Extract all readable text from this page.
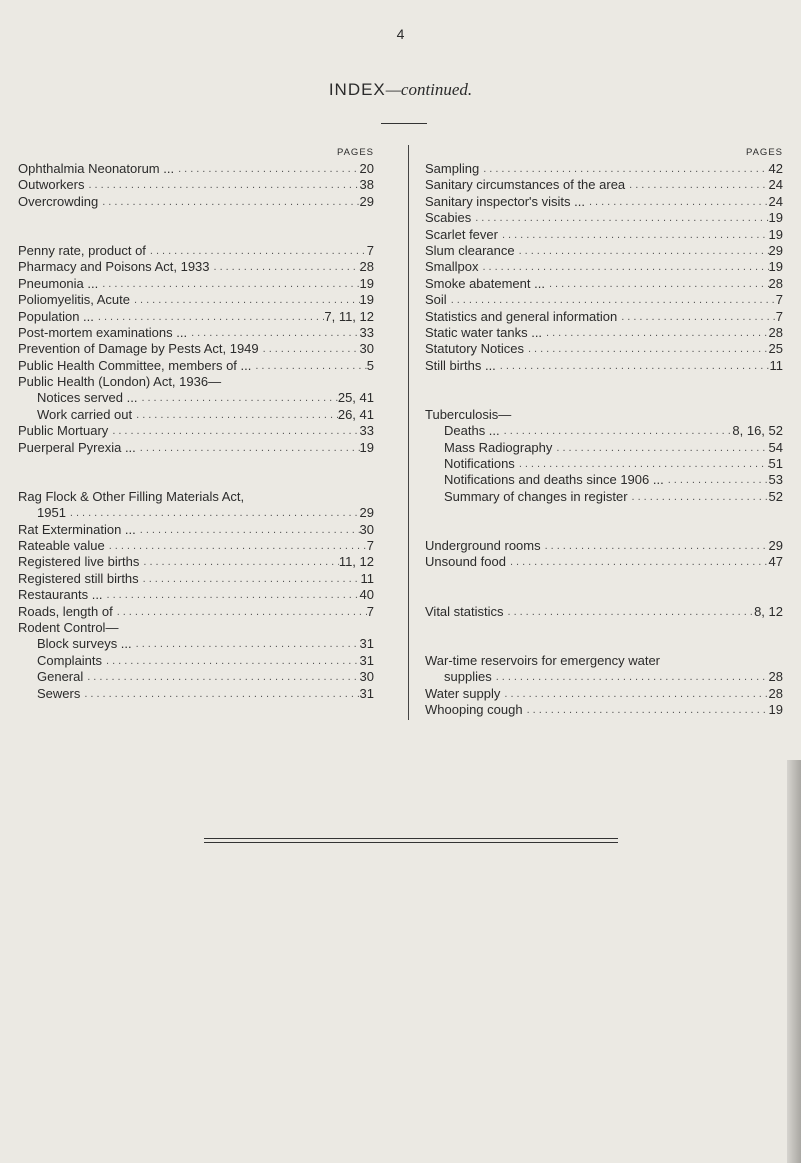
4
INDEX—continued.
PAGES
Ophthalmia Neonatorum ... .....	20
Outworkers .....	38
Overcrowding .....	29
Penny rate, product of .....	7
Pharmacy and Poisons Act, 1933 .....	28
Pneumonia ... .....	19
Poliomyelitis, Acute .....	19
Population ... .....	7, 11, 12
Post-mortem examinations ... .....	33
Prevention of Damage by Pests Act, 1949 .....	30
Public Health Committee, members of ... .....	5
Public Health (London) Act, 1936—
Notices served ... .....	25, 41
Work carried out .....	26, 41
Public Mortuary .....	33
Puerperal Pyrexia ... .....	19
Rag Flock & Other Filling Materials Act,
1951 .....	29
Rat Extermination ... .....	30
Rateable value .....	7
Registered live births .....	11, 12
Registered still births .....	11
Restaurants ... .....	40
Roads, length of .....	7
Rodent Control—
Block surveys ... .....	31
Complaints .....	31
General .....	30
Sewers .....	31
PAGES
Sampling .....	42
Sanitary circumstances of the area .....	24
Sanitary inspector's visits ... .....	24
Scabies .....	19
Scarlet fever .....	19
Slum clearance .....	29
Smallpox .....	19
Smoke abatement ... .....	28
Soil .....	7
Statistics and general information .....	7
Static water tanks ... .....	28
Statutory Notices .....	25
Still births ... .....	11
Tuberculosis—
Deaths ... .....	8, 16, 52
Mass Radiography .....	54
Notifications .....	51
Notifications and deaths since 1906 ... .....	53
Summary of changes in register .....	52
Underground rooms .....	29
Unsound food .....	47
Vital statistics .....	8, 12
War-time reservoirs for emergency water
supplies .....	28
Water supply .....	28
Whooping cough .....	19
